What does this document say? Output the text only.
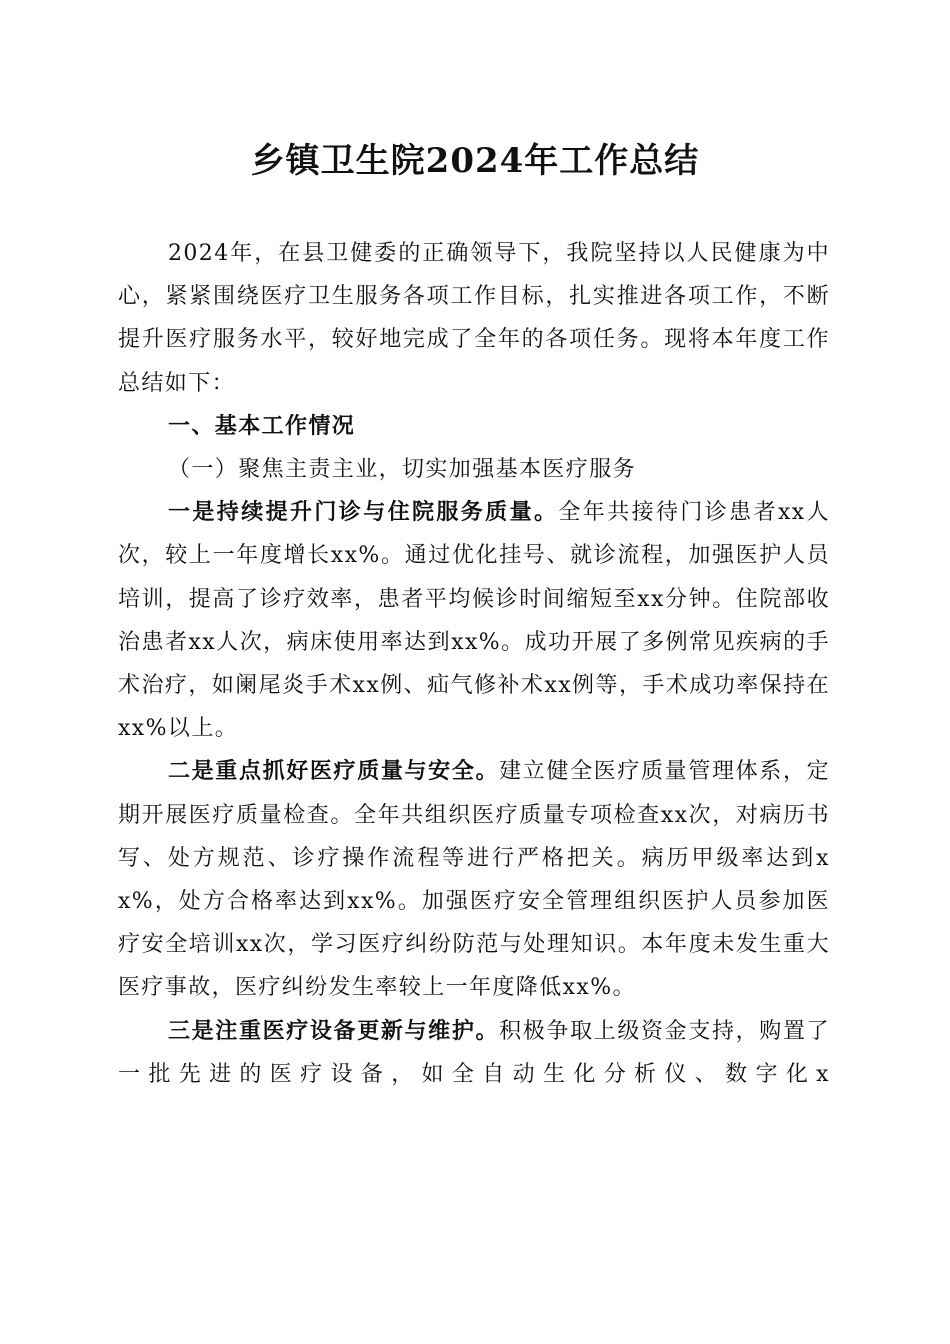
乡镇卫生院2024年工作总结

2024年，在县卫健委的正确领导下，我院坚持以人民健康为中心，紧紧围绕医疗卫生服务各项工作目标，扎实推进各项工作，不断提升医疗服务水平，较好地完成了全年的各项任务。现将本年度工作总结如下：

一、基本工作情况

（一）聚焦主责主业，切实加强基本医疗服务

一是持续提升门诊与住院服务质量。全年共接待门诊患者xx人次，较上一年度增长xx%。通过优化挂号、就诊流程，加强医护人员培训，提高了诊疗效率，患者平均候诊时间缩短至xx分钟。住院部收治患者xx人次，病床使用率达到xx%。成功开展了多例常见疾病的手术治疗，如阑尾炎手术xx例、疝气修补术xx例等，手术成功率保持在xx%以上。

二是重点抓好医疗质量与安全。建立健全医疗质量管理体系，定期开展医疗质量检查。全年共组织医疗质量专项检查xx次，对病历书写、处方规范、诊疗操作流程等进行严格把关。病历甲级率达到xx%，处方合格率达到xx%。加强医疗安全管理组织医护人员参加医疗安全培训xx次，学习医疗纠纷防范与处理知识。本年度未发生重大医疗事故，医疗纠纷发生率较上一年度降低xx%。

三是注重医疗设备更新与维护。积极争取上级资金支持，购置了一批先进的医疗设备，如全自动生化分析仪、数字化x
